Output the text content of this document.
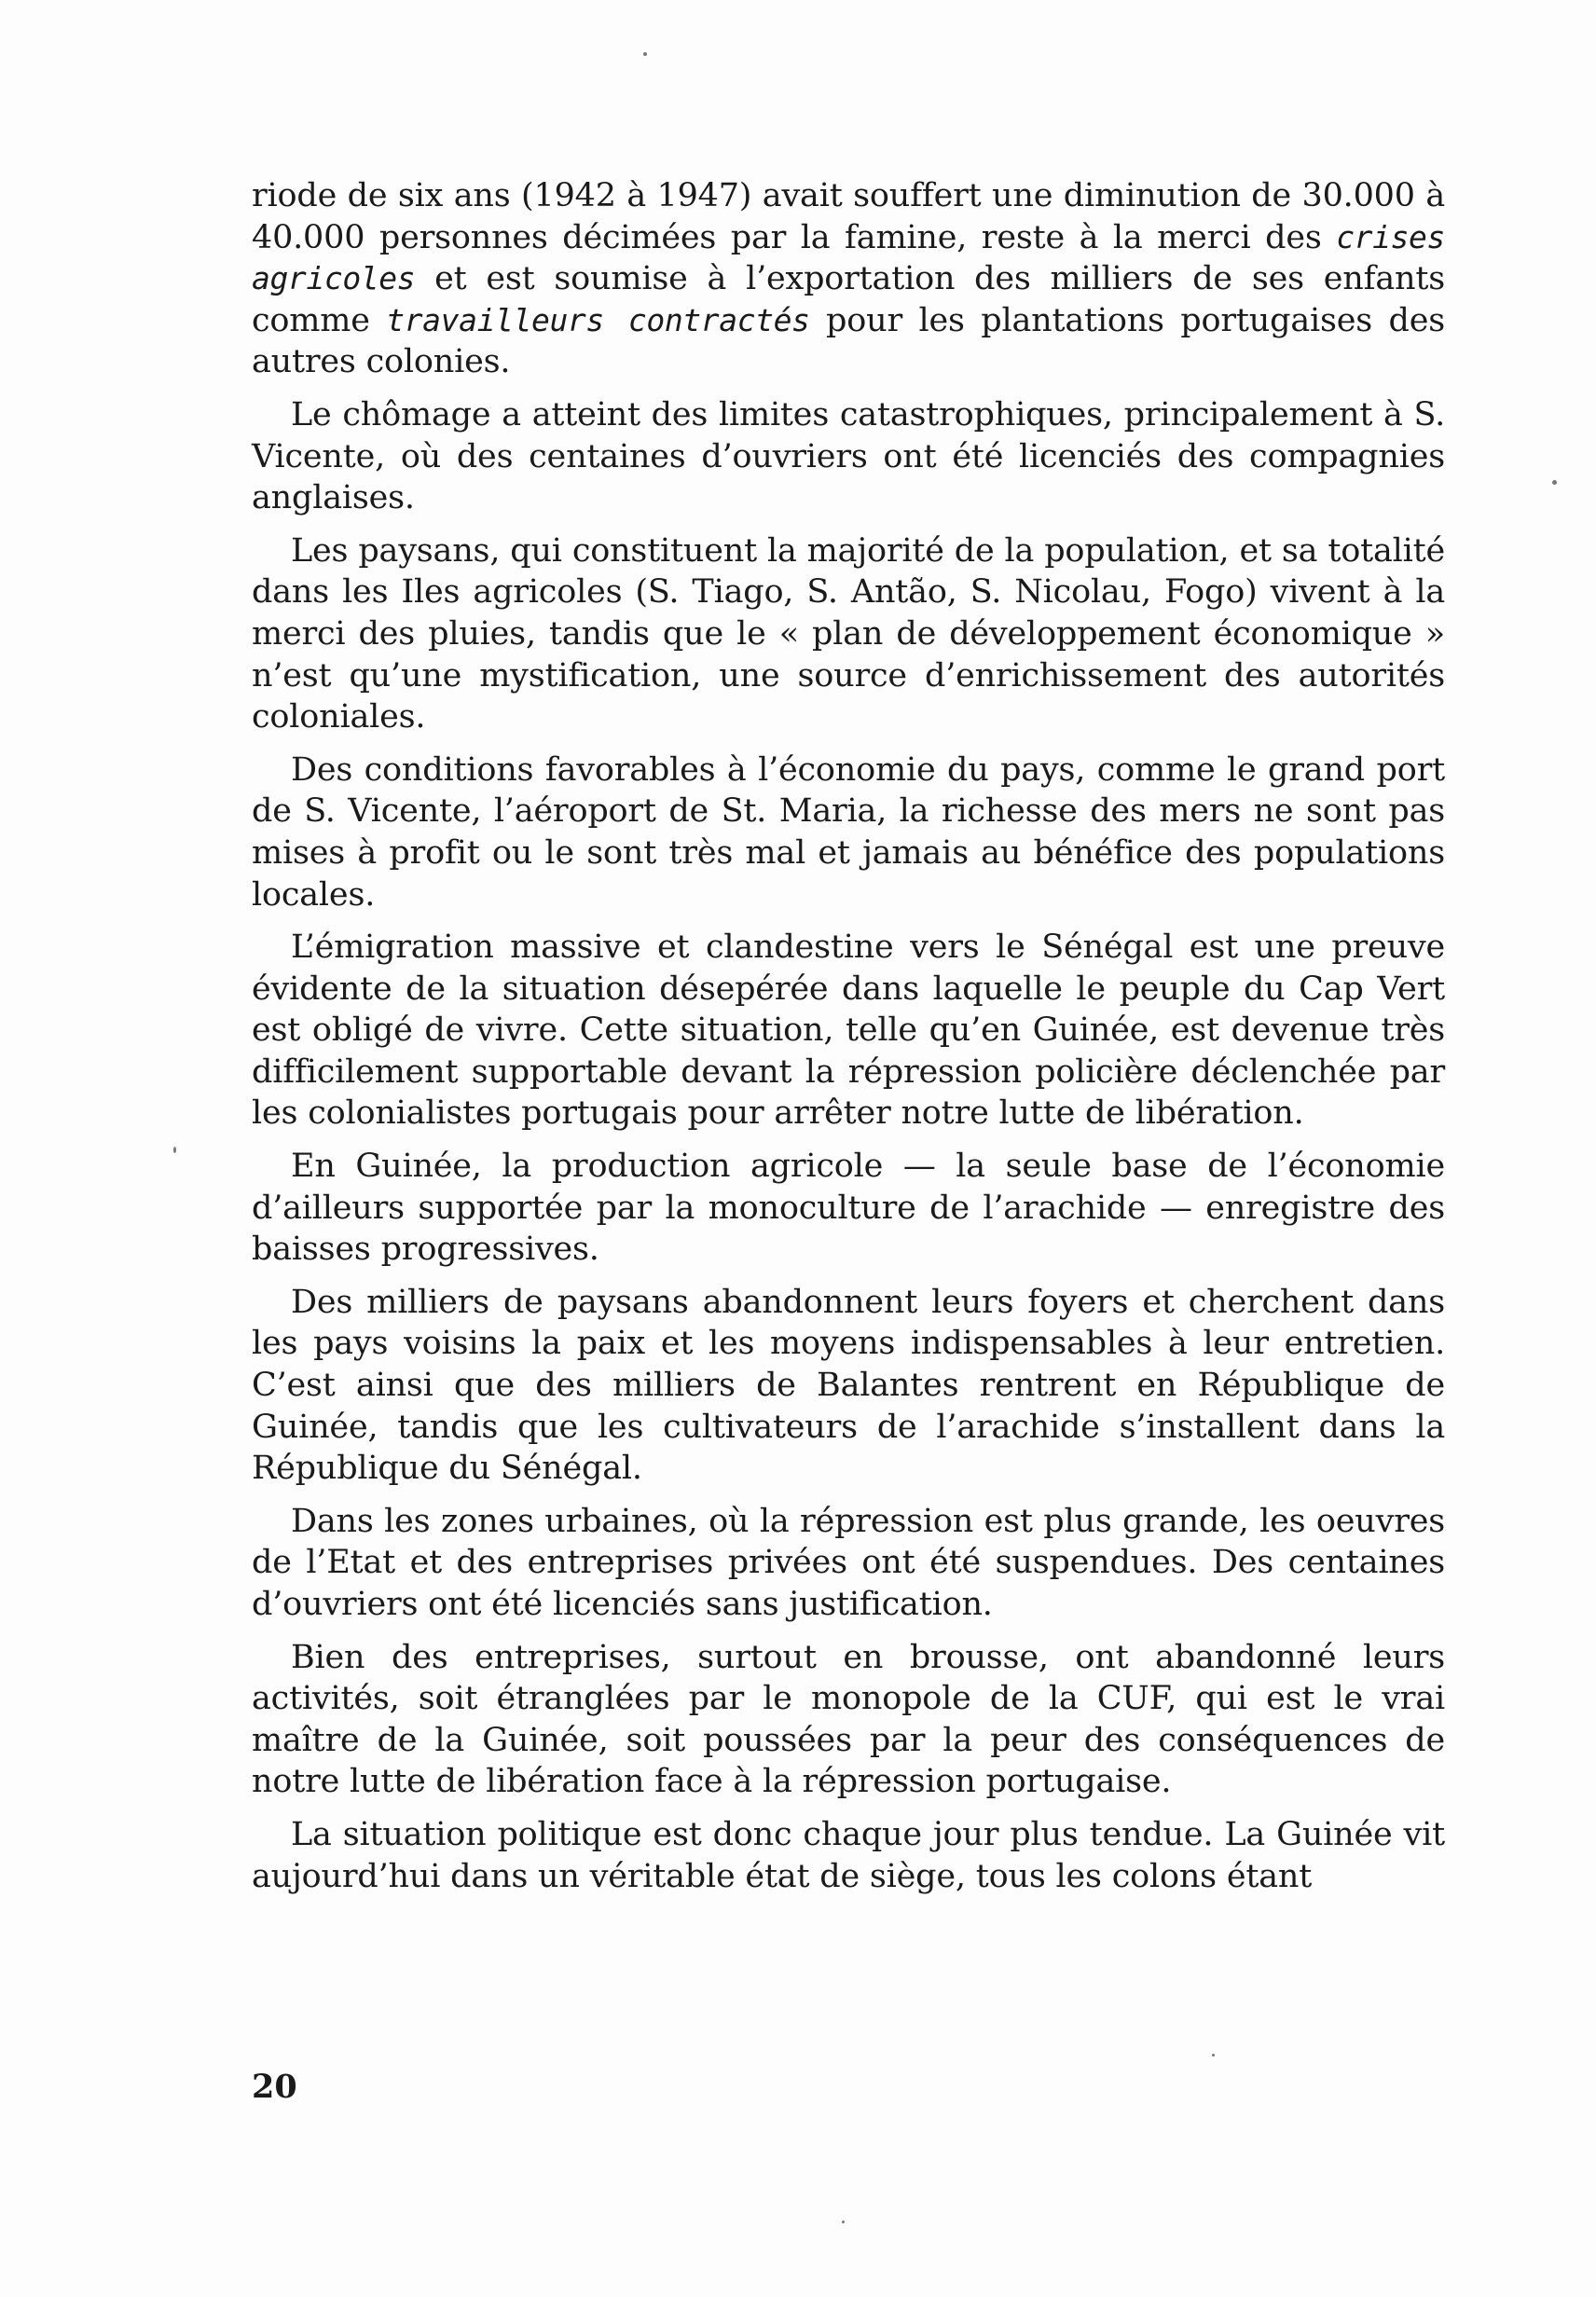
riode de six ans (1942 à 1947) avait souffert une diminution de 30.000 à 40.000 personnes décimées par la famine, reste à la merci des crises agricoles et est soumise à l’exportation des milliers de ses enfants comme travailleurs contractés pour les plantations portugaises des autres colonies.

Le chômage a atteint des limites catastrophiques, principalement à S. Vicente, où des centaines d’ouvriers ont été licenciés des compagnies anglaises.

Les paysans, qui constituent la majorité de la population, et sa totalité dans les Iles agricoles (S. Tiago, S. Antão, S. Nicolau, Fogo) vivent à la merci des pluies, tandis que le « plan de développement économique » n’est qu’une mystification, une source d’enrichissement des autorités coloniales.

Des conditions favorables à l’économie du pays, comme le grand port de S. Vicente, l’aéroport de St. Maria, la richesse des mers ne sont pas mises à profit ou le sont très mal et jamais au bénéfice des populations locales.

L’émigration massive et clandestine vers le Sénégal est une preuve évidente de la situation désepérée dans laquelle le peuple du Cap Vert est obligé de vivre. Cette situation, telle qu’en Guinée, est devenue très difficilement supportable devant la répression policière déclenchée par les colonialistes portugais pour arrêter notre lutte de libération.

En Guinée, la production agricole — la seule base de l’économie d’ailleurs supportée par la monoculture de l’arachide — enregistre des baisses progressives.

Des milliers de paysans abandonnent leurs foyers et cherchent dans les pays voisins la paix et les moyens indispensables à leur entretien. C’est ainsi que des milliers de Balantes rentrent en République de Guinée, tandis que les cultivateurs de l’arachide s’installent dans la République du Sénégal.

Dans les zones urbaines, où la répression est plus grande, les oeuvres de l’Etat et des entreprises privées ont été suspendues. Des centaines d’ouvriers ont été licenciés sans justification.

Bien des entreprises, surtout en brousse, ont abandonné leurs activités, soit étranglées par le monopole de la CUF, qui est le vrai maître de la Guinée, soit poussées par la peur des conséquences de notre lutte de libération face à la répression portugaise.

La situation politique est donc chaque jour plus tendue. La Guinée vit aujourd’hui dans un véritable état de siège, tous les colons étant

20
